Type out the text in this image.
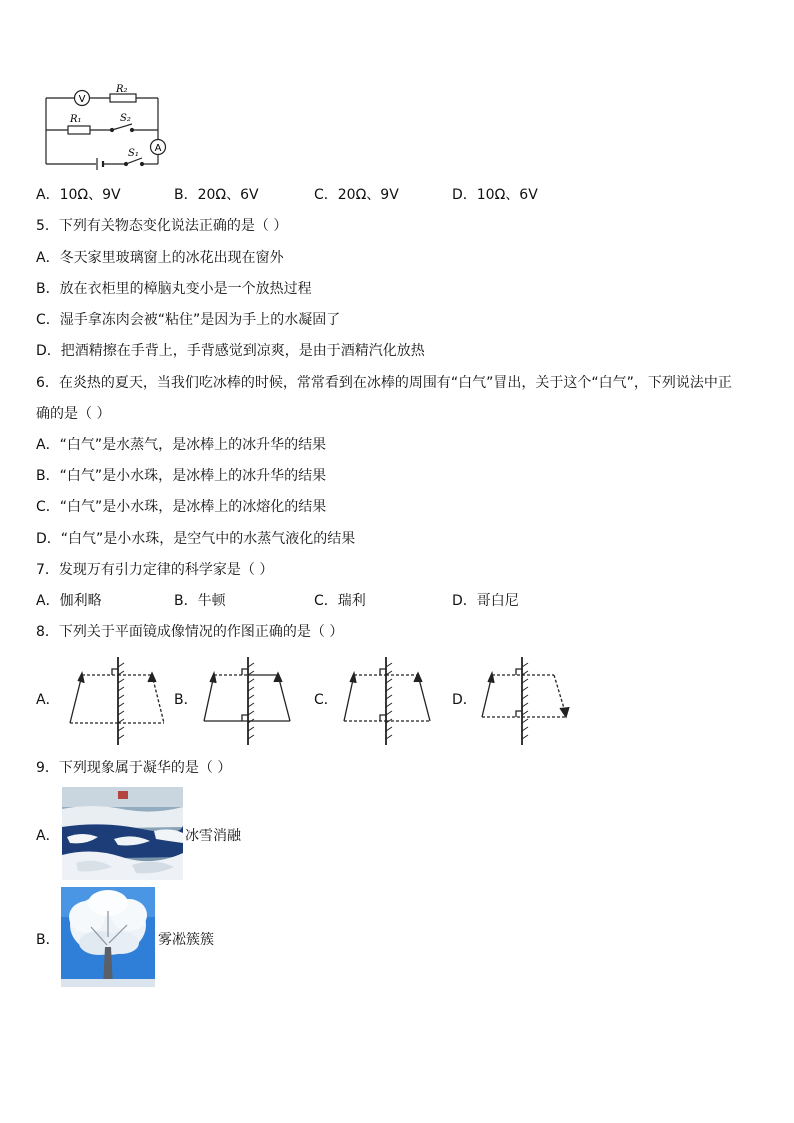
V
R₂
R₁	S₂
S₁ A
A．10Ω、9V	B．20Ω、6V	C．20Ω、9V	D．10Ω、6V
5．下列有关物态变化说法正确的是（ ）
A．冬天家里玻璃窗上的冰花出现在窗外
B．放在衣柜里的樟脑丸变小是一个放热过程
C．湿手拿冻肉会被“粘住”是因为手上的水凝固了
D．把酒精擦在手背上，手背感觉到凉爽，是由于酒精汽化放热
6．在炎热的夏天，当我们吃冰棒的时候，常常看到在冰棒的周围有“白气”冒出，关于这个“白气”，下列说法中正
确的是（ ）
A．“白气”是水蒸气，是冰棒上的冰升华的结果
B．“白气”是小水珠，是冰棒上的冰升华的结果
C．“白气”是小水珠，是冰棒上的冰熔化的结果
D．“白气”是小水珠，是空气中的水蒸气液化的结果
7．发现万有引力定律的科学家是（ ）
A．伽利略	B．牛顿	C．瑞利	D．哥白尼
8．下列关于平面镜成像情况的作图正确的是（ ）
A．	B．	C．	D．
9．下列现象属于凝华的是（ ）
A．	冰雪消融
B．	雾凇簇簇
